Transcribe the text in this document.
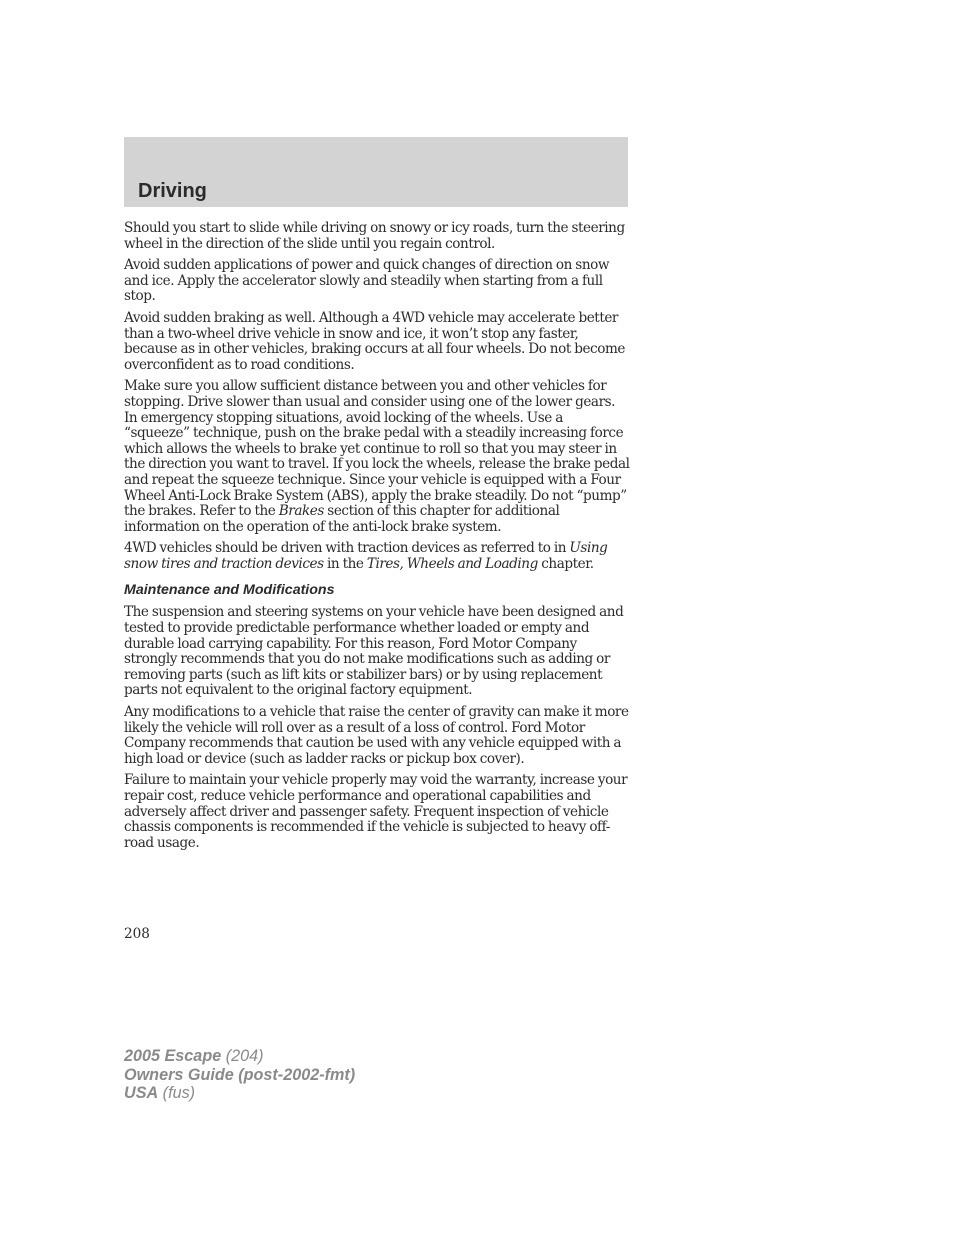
Driving

Should you start to slide while driving on snowy or icy roads, turn the steering wheel in the direction of the slide until you regain control.

Avoid sudden applications of power and quick changes of direction on snow and ice. Apply the accelerator slowly and steadily when starting from a full stop.

Avoid sudden braking as well. Although a 4WD vehicle may accelerate better than a two-wheel drive vehicle in snow and ice, it won’t stop any faster, because as in other vehicles, braking occurs at all four wheels. Do not become overconfident as to road conditions.

Make sure you allow sufficient distance between you and other vehicles for stopping. Drive slower than usual and consider using one of the lower gears. In emergency stopping situations, avoid locking of the wheels. Use a “squeeze” technique, push on the brake pedal with a steadily increasing force which allows the wheels to brake yet continue to roll so that you may steer in the direction you want to travel. If you lock the wheels, release the brake pedal and repeat the squeeze technique. Since your vehicle is equipped with a Four Wheel Anti-Lock Brake System (ABS), apply the brake steadily. Do not “pump” the brakes. Refer to the Brakes section of this chapter for additional information on the operation of the anti-lock brake system.

4WD vehicles should be driven with traction devices as referred to in Using snow tires and traction devices in the Tires, Wheels and Loading chapter.

Maintenance and Modifications

The suspension and steering systems on your vehicle have been designed and tested to provide predictable performance whether loaded or empty and durable load carrying capability. For this reason, Ford Motor Company strongly recommends that you do not make modifications such as adding or removing parts (such as lift kits or stabilizer bars) or by using replacement parts not equivalent to the original factory equipment.

Any modifications to a vehicle that raise the center of gravity can make it more likely the vehicle will roll over as a result of a loss of control. Ford Motor Company recommends that caution be used with any vehicle equipped with a high load or device (such as ladder racks or pickup box cover).

Failure to maintain your vehicle properly may void the warranty, increase your repair cost, reduce vehicle performance and operational capabilities and adversely affect driver and passenger safety. Frequent inspection of vehicle chassis components is recommended if the vehicle is subjected to heavy off-road usage.

208
2005 Escape (204)
Owners Guide (post-2002-fmt)
USA (fus)
